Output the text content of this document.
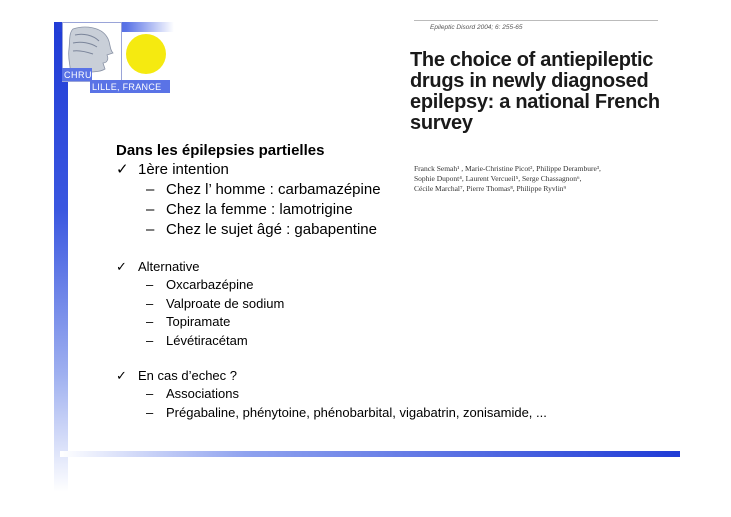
CHRU
LILLE, FRANCE
Epileptic Disord 2004; 6: 255-65
The choice of antiepileptic
drugs in newly diagnosed
epilepsy: a national French
survey
Franck Semah¹ , Marie-Christine Picot², Philippe Derambure³,
Sophie Dupont⁴, Laurent Vercueil⁵, Serge Chassagnon⁶,
Cécile Marchal⁷, Pierre Thomas⁸, Philippe Ryvlin⁹
Dans les épilepsies partielles
✓ 1ère intention
– Chez l’ homme : carbamazépine
– Chez la femme : lamotrigine
– Chez le sujet âgé : gabapentine
✓ Alternative
– Oxcarbazépine
– Valproate de sodium
– Topiramate
– Lévétiracétam
✓ En cas d’echec ?
– Associations
– Prégabaline, phénytoine, phénobarbital, vigabatrin, zonisamide, ...
